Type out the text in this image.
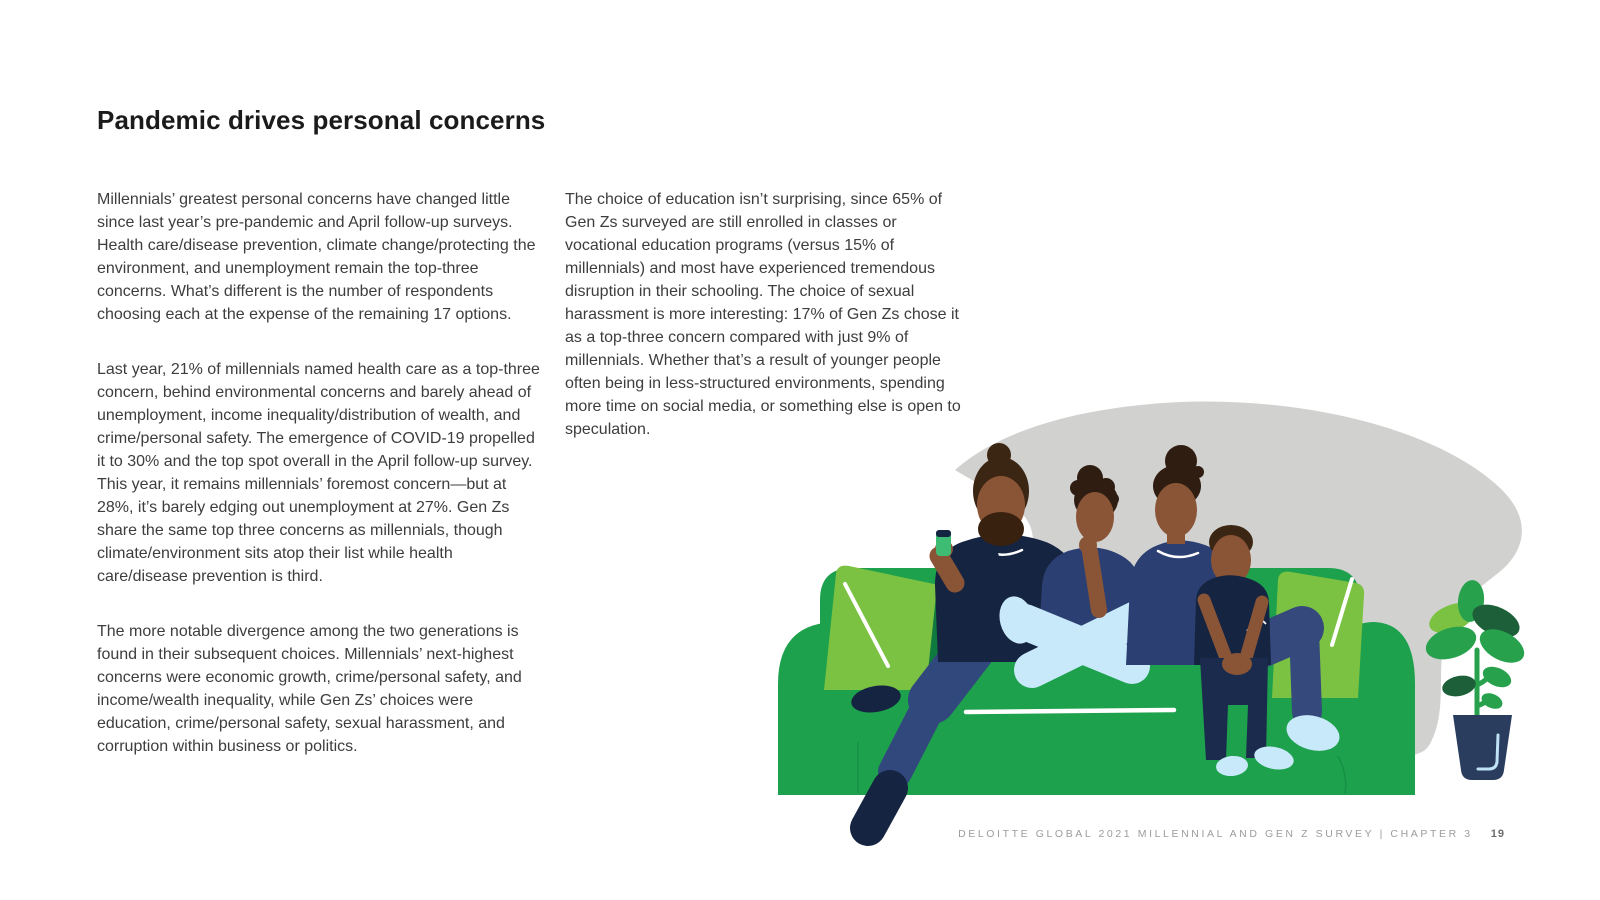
Pandemic drives personal concerns

Millennials’ greatest personal concerns have changed little since last year’s pre-pandemic and April follow-up surveys. Health care/disease prevention, climate change/protecting the environment, and unemployment remain the top-three concerns. What’s different is the number of respondents choosing each at the expense of the remaining 17 options.

Last year, 21% of millennials named health care as a top-three concern, behind environmental concerns and barely ahead of unemployment, income inequality/distribution of wealth, and crime/personal safety. The emergence of COVID-19 propelled it to 30% and the top spot overall in the April follow-up survey. This year, it remains millennials’ foremost concern—but at 28%, it’s barely edging out unemployment at 27%. Gen Zs share the same top three concerns as millennials, though climate/environment sits atop their list while health care/disease prevention is third.

The more notable divergence among the two generations is found in their subsequent choices. Millennials’ next-highest concerns were economic growth, crime/personal safety, and income/wealth inequality, while Gen Zs’ choices were education, crime/personal safety, sexual harassment, and corruption within business or politics.

The choice of education isn’t surprising, since 65% of Gen Zs surveyed are still enrolled in classes or vocational education programs (versus 15% of millennials) and most have experienced tremendous disruption in their schooling. The choice of sexual harassment is more interesting: 17% of Gen Zs chose it as a top-three concern compared with just 9% of millennials. Whether that’s a result of younger people often being in less-structured environments, spending more time on social media, or something else is open to speculation.

DELOITTE GLOBAL 2021 MILLENNIAL AND GEN Z SURVEY | CHAPTER 3 19
